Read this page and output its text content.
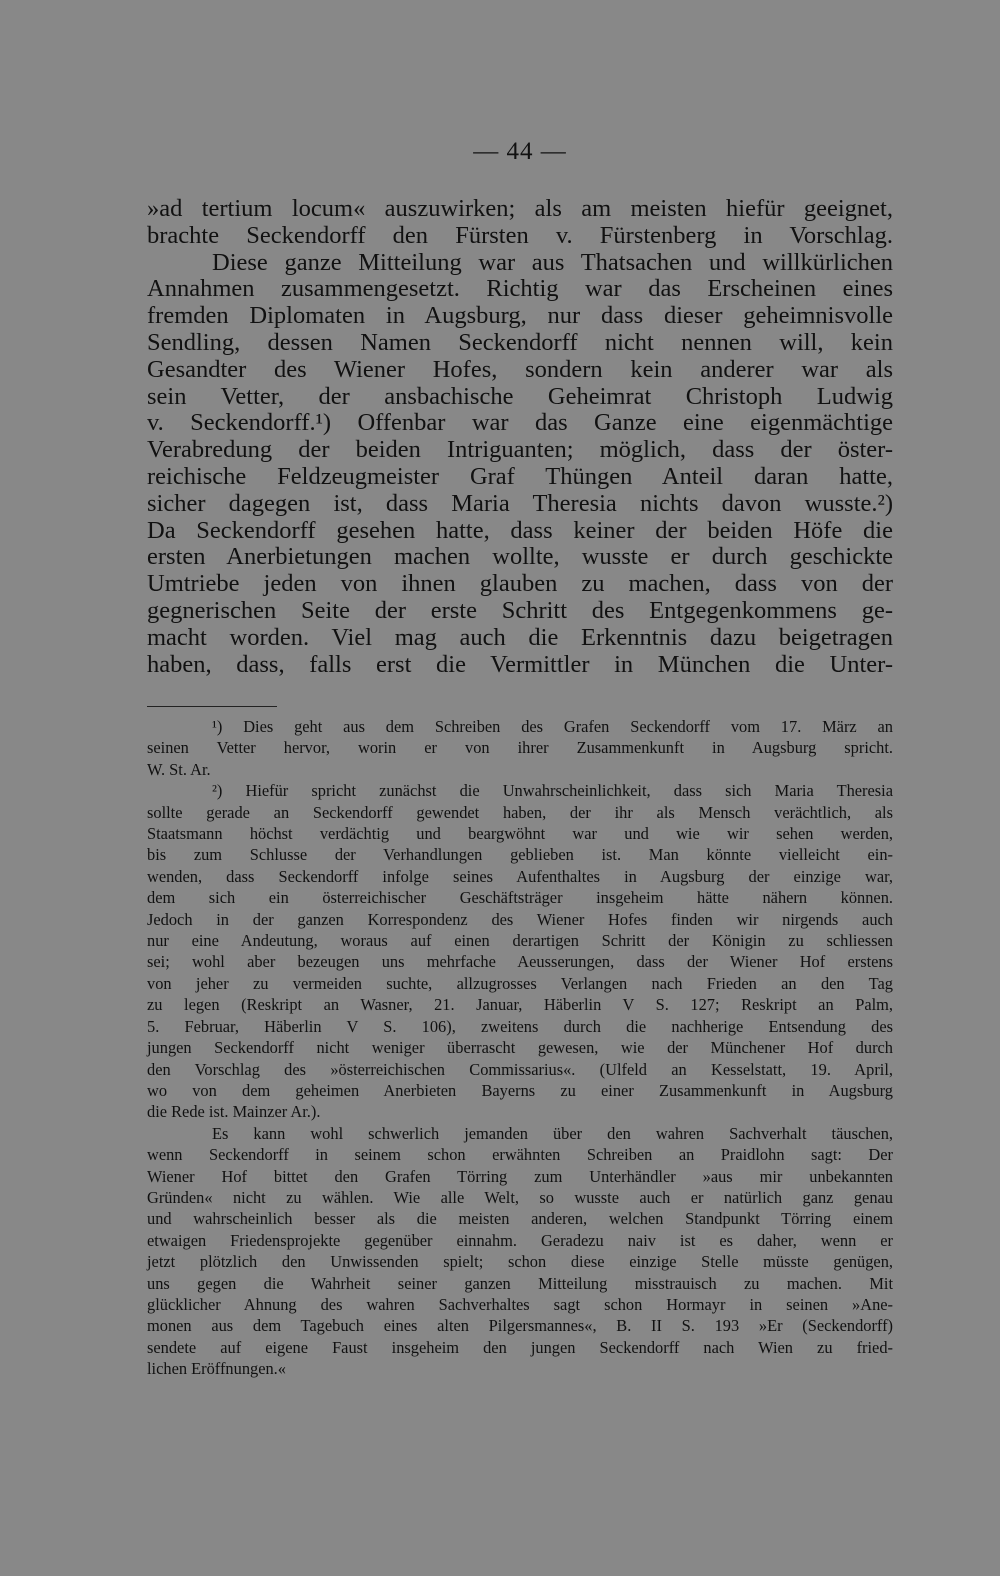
— 44 —
»ad tertium locum« auszuwirken; als am meisten hiefür geeignet,
brachte Seckendorff den Fürsten v. Fürstenberg in Vorschlag.
Diese ganze Mitteilung war aus Thatsachen und willkürlichen
Annahmen zusammengesetzt. Richtig war das Erscheinen eines
fremden Diplomaten in Augsburg, nur dass dieser geheimnisvolle
Sendling, dessen Namen Seckendorff nicht nennen will, kein
Gesandter des Wiener Hofes, sondern kein anderer war als
sein Vetter, der ansbachische Geheimrat Christoph Ludwig
v. Seckendorff.¹) Offenbar war das Ganze eine eigenmächtige
Verabredung der beiden Intriguanten; möglich, dass der öster-
reichische Feldzeugmeister Graf Thüngen Anteil daran hatte,
sicher dagegen ist, dass Maria Theresia nichts davon wusste.²)
Da Seckendorff gesehen hatte, dass keiner der beiden Höfe die
ersten Anerbietungen machen wollte, wusste er durch geschickte
Umtriebe jeden von ihnen glauben zu machen, dass von der
gegnerischen Seite der erste Schritt des Entgegenkommens ge-
macht worden. Viel mag auch die Erkenntnis dazu beigetragen
haben, dass, falls erst die Vermittler in München die Unter-
¹) Dies geht aus dem Schreiben des Grafen Seckendorff vom 17. März an
seinen Vetter hervor, worin er von ihrer Zusammenkunft in Augsburg spricht.
W. St. Ar.
²) Hiefür spricht zunächst die Unwahrscheinlichkeit, dass sich Maria Theresia
sollte gerade an Seckendorff gewendet haben, der ihr als Mensch verächtlich, als
Staatsmann höchst verdächtig und beargwöhnt war und wie wir sehen werden,
bis zum Schlusse der Verhandlungen geblieben ist. Man könnte vielleicht ein-
wenden, dass Seckendorff infolge seines Aufenthaltes in Augsburg der einzige war,
dem sich ein österreichischer Geschäftsträger insgeheim hätte nähern können.
Jedoch in der ganzen Korrespondenz des Wiener Hofes finden wir nirgends auch
nur eine Andeutung, woraus auf einen derartigen Schritt der Königin zu schliessen
sei; wohl aber bezeugen uns mehrfache Aeusserungen, dass der Wiener Hof erstens
von jeher zu vermeiden suchte, allzugrosses Verlangen nach Frieden an den Tag
zu legen (Reskript an Wasner, 21. Januar, Häberlin V S. 127; Reskript an Palm,
5. Februar, Häberlin V S. 106), zweitens durch die nachherige Entsendung des
jungen Seckendorff nicht weniger überrascht gewesen, wie der Münchener Hof durch
den Vorschlag des »österreichischen Commissarius«. (Ulfeld an Kesselstatt, 19. April,
wo von dem geheimen Anerbieten Bayerns zu einer Zusammenkunft in Augsburg
die Rede ist. Mainzer Ar.).
Es kann wohl schwerlich jemanden über den wahren Sachverhalt täuschen,
wenn Seckendorff in seinem schon erwähnten Schreiben an Praidlohn sagt: Der
Wiener Hof bittet den Grafen Törring zum Unterhändler »aus mir unbekannten
Gründen« nicht zu wählen. Wie alle Welt, so wusste auch er natürlich ganz genau
und wahrscheinlich besser als die meisten anderen, welchen Standpunkt Törring einem
etwaigen Friedensprojekte gegenüber einnahm. Geradezu naiv ist es daher, wenn er
jetzt plötzlich den Unwissenden spielt; schon diese einzige Stelle müsste genügen,
uns gegen die Wahrheit seiner ganzen Mitteilung misstrauisch zu machen. Mit
glücklicher Ahnung des wahren Sachverhaltes sagt schon Hormayr in seinen »Ane-
monen aus dem Tagebuch eines alten Pilgersmannes«, B. II S. 193 »Er (Seckendorff)
sendete auf eigene Faust insgeheim den jungen Seckendorff nach Wien zu fried-
lichen Eröffnungen.«
